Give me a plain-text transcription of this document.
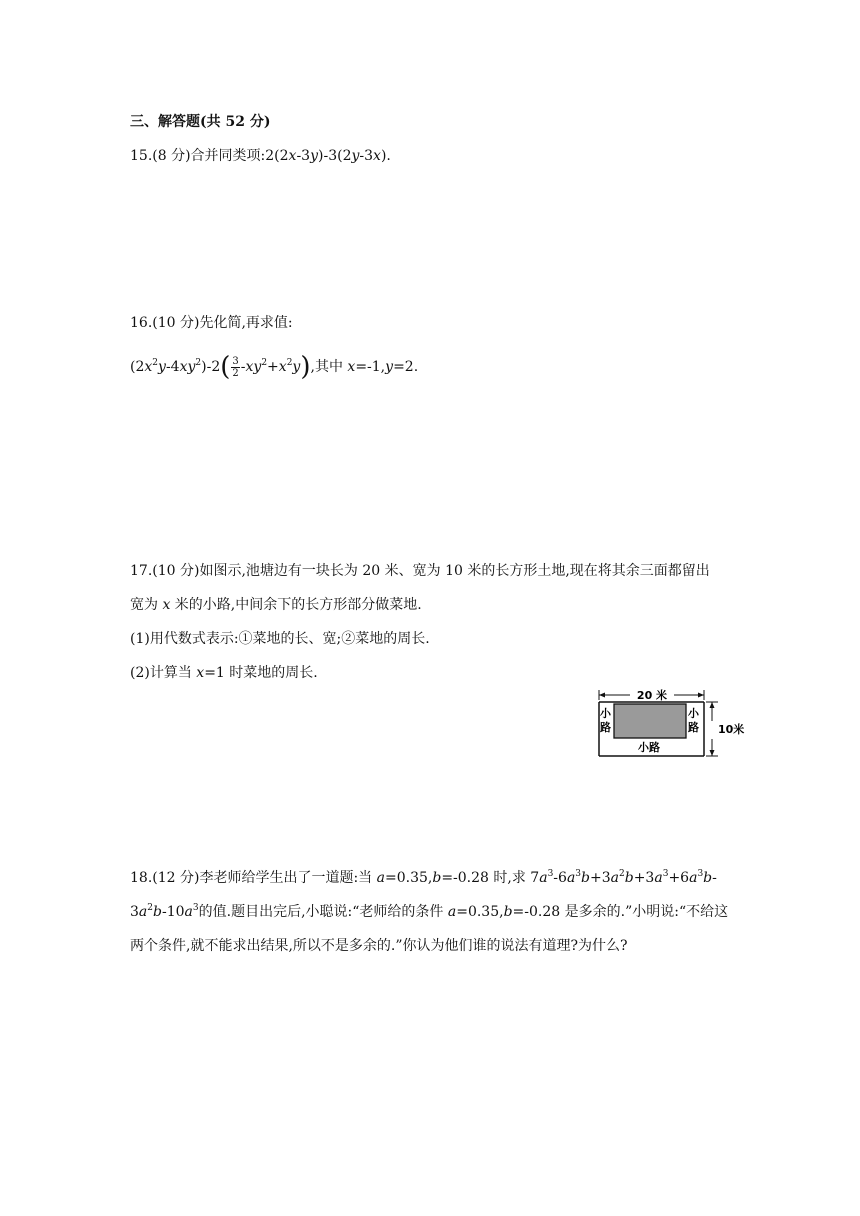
三、解答题(共 52 分)
15.(8 分)合并同类项:2(2x-3y)-3(2y-3x).
16.(10 分)先化简,再求值:
$(2x^2y-4xy^2)-2( \frac{3}{2} -xy^2+x^2y)$,其中 x=-1,y=2.
17.(10 分)如图示,池塘边有一块长为 20 米、宽为 10 米的长方形土地,现在将其余三面都留出
宽为 x 米的小路,中间余下的长方形部分做菜地.
(1)用代数式表示:①菜地的长、宽;②菜地的周长.
(2)计算当 x=1 时菜地的周长.
20 米
10米
小	小
小路
路	路
18.(12 分)李老师给学生出了一道题:当 a=0.35,b=-0.28 时,求 $7a^3-6a^3b+3a^2b+3a^3+6a^3b-$
$3a^2b-10a^3$的值.题目出完后,小聪说:“老师给的条件 a=0.35,b=-0.28 是多余的.”小明说:“不给这
两个条件,就不能求出结果,所以不是多余的.”你认为他们谁的说法有道理?为什么?
